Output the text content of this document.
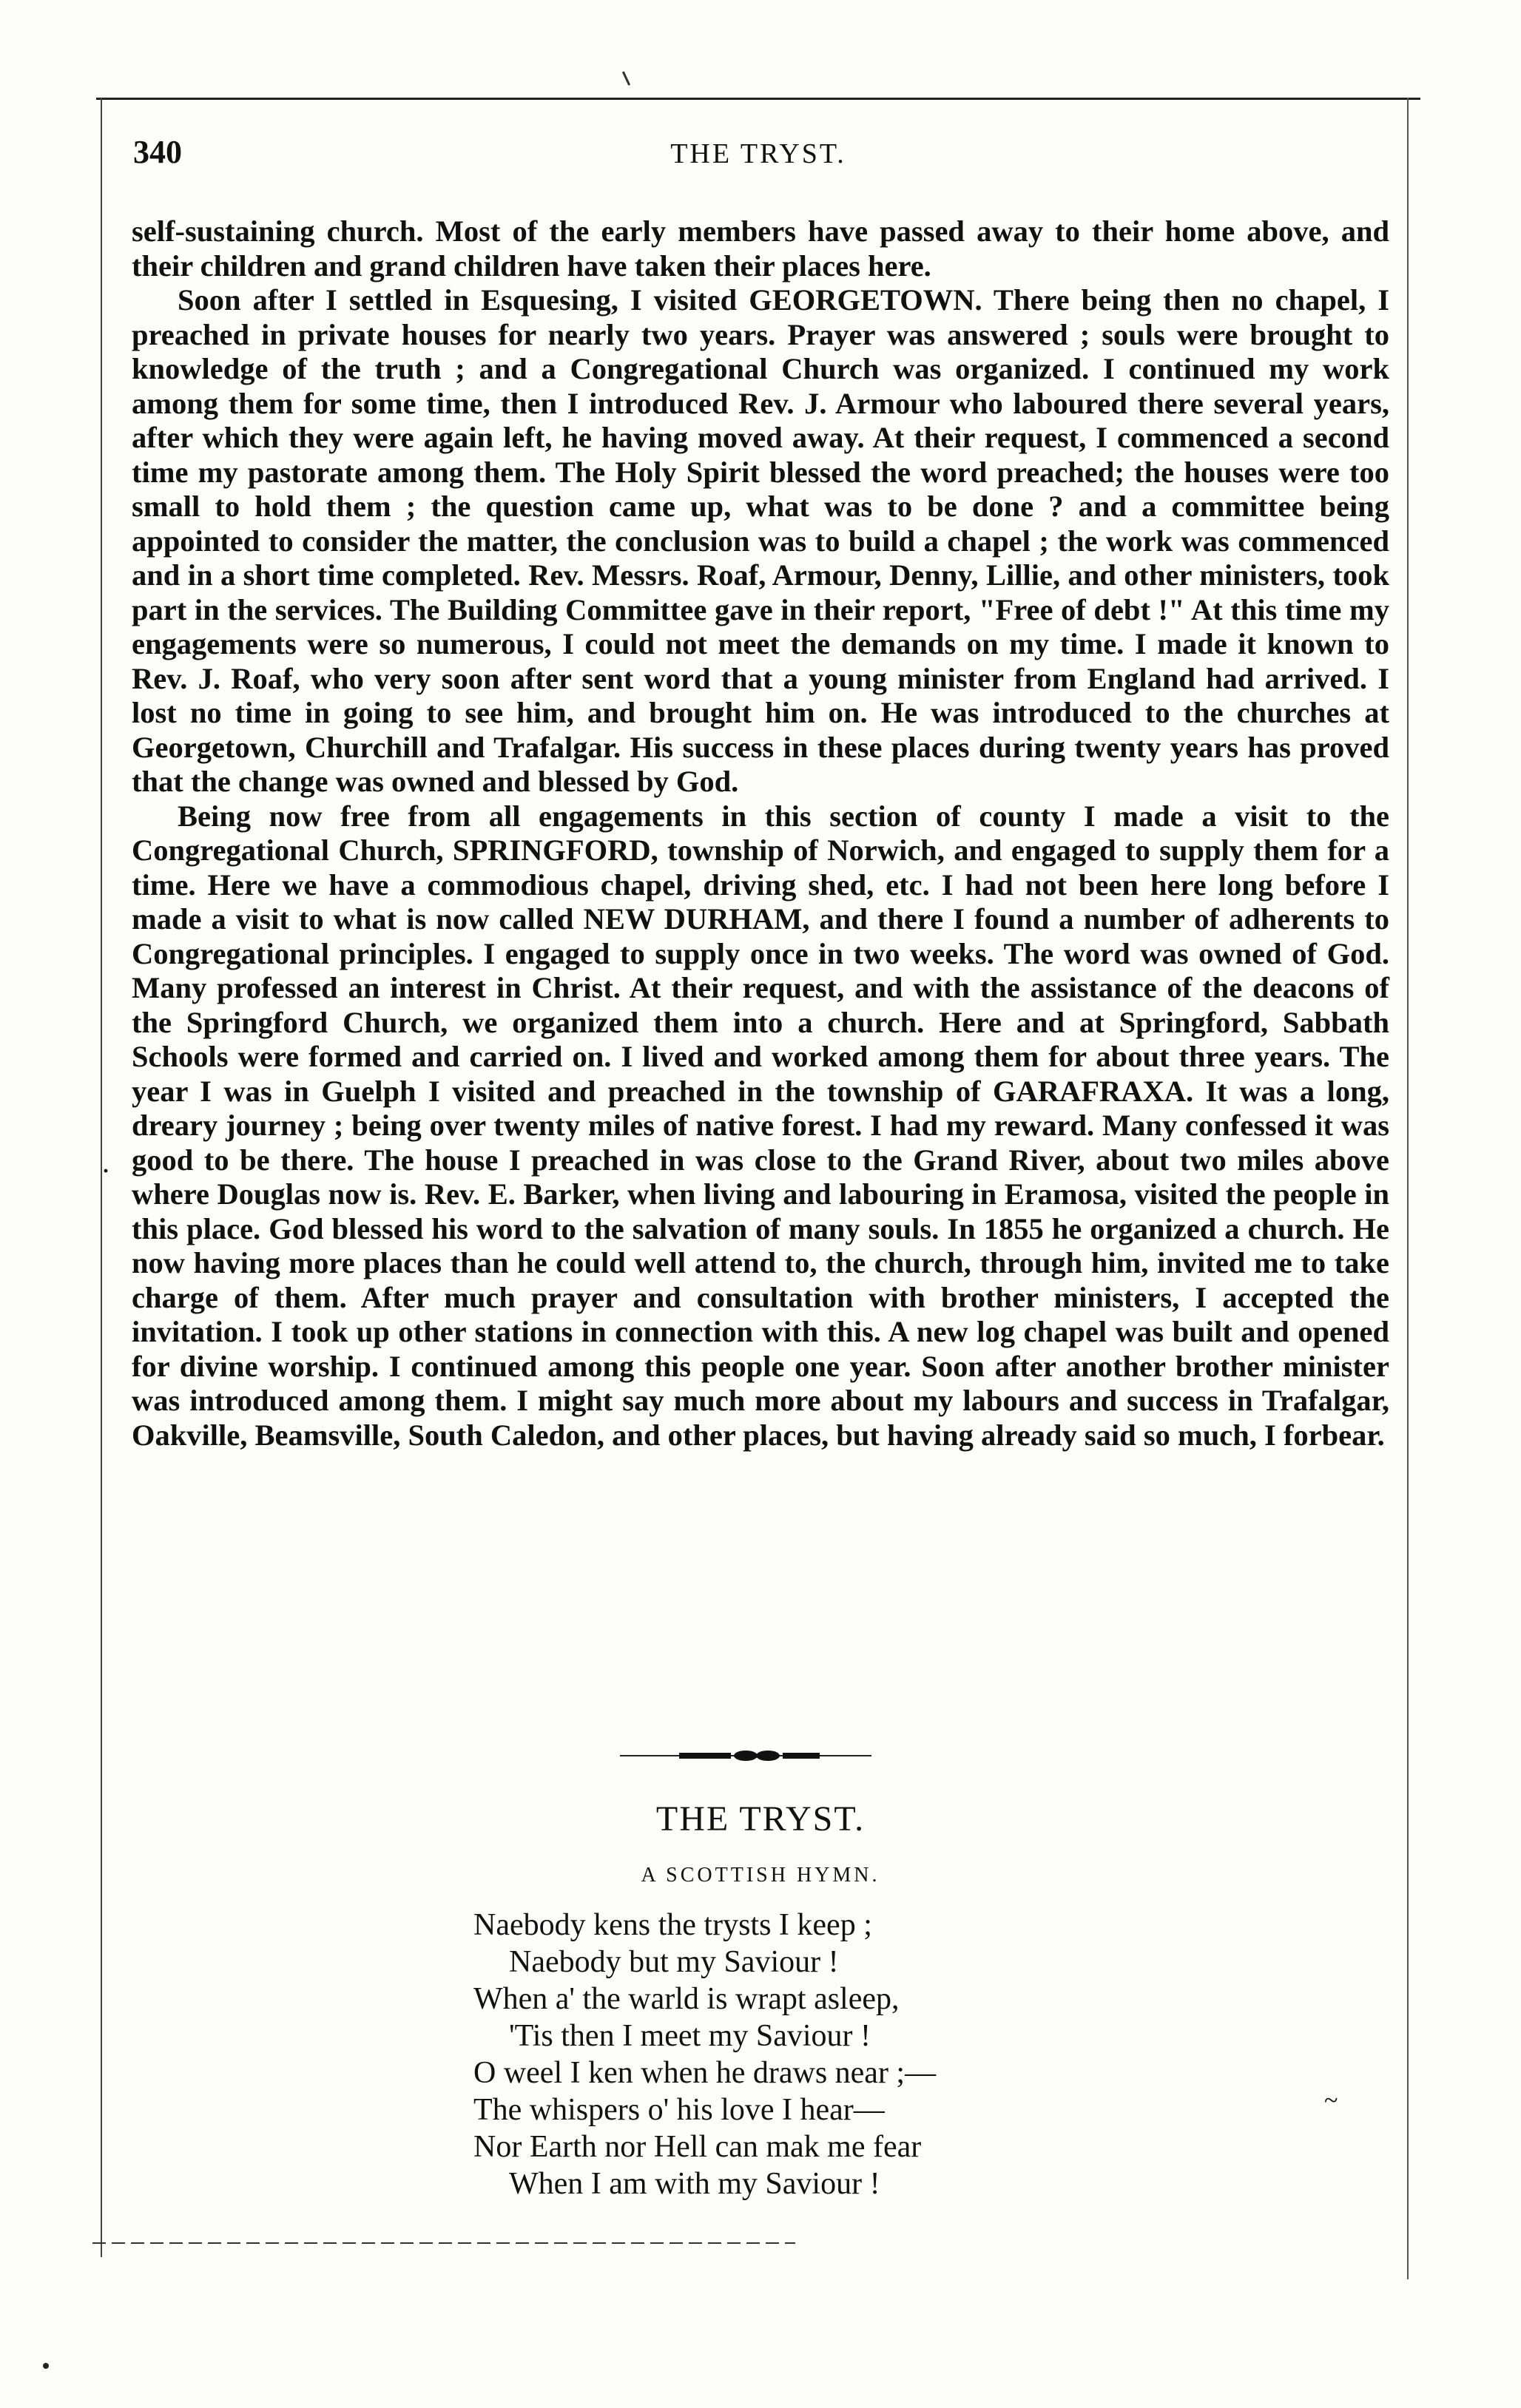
340	THE TRYST.

self-sustaining church. Most of the early members have passed away to their home above, and their children and grand children have taken their places here.

Soon after I settled in Esquesing, I visited GEORGETOWN. There being then no chapel, I preached in private houses for nearly two years. Prayer was answered ; souls were brought to knowledge of the truth ; and a Congregational Church was organized. I continued my work among them for some time, then I introduced Rev. J. Armour who laboured there several years, after which they were again left, he having moved away. At their request, I commenced a second time my pastorate among them. The Holy Spirit blessed the word preached; the houses were too small to hold them ; the question came up, what was to be done ? and a committee being appointed to consider the matter, the conclusion was to build a chapel ; the work was commenced and in a short time completed. Rev. Messrs. Roaf, Armour, Denny, Lillie, and other ministers, took part in the services. The Building Committee gave in their report, "Free of debt !" At this time my engagements were so numerous, I could not meet the demands on my time. I made it known to Rev. J. Roaf, who very soon after sent word that a young minister from England had arrived. I lost no time in going to see him, and brought him on. He was introduced to the churches at Georgetown, Churchill and Trafalgar. His success in these places during twenty years has proved that the change was owned and blessed by God.

Being now free from all engagements in this section of county I made a visit to the Congregational Church, SPRINGFORD, township of Norwich, and engaged to supply them for a time. Here we have a commodious chapel, driving shed, etc. I had not been here long before I made a visit to what is now called NEW DURHAM, and there I found a number of adherents to Congregational principles. I engaged to supply once in two weeks. The word was owned of God. Many professed an interest in Christ. At their request, and with the assistance of the deacons of the Springford Church, we organized them into a church. Here and at Springford, Sabbath Schools were formed and carried on. I lived and worked among them for about three years. The year I was in Guelph I visited and preached in the township of GARAFRAXA. It was a long, dreary journey ; being over twenty miles of native forest. I had my reward. Many confessed it was good to be there. The house I preached in was close to the Grand River, about two miles above where Douglas now is. Rev. E. Barker, when living and labouring in Eramosa, visited the people in this place. God blessed his word to the salvation of many souls. In 1855 he organized a church. He now having more places than he could well attend to, the church, through him, invited me to take charge of them. After much prayer and consultation with brother ministers, I accepted the invitation. I took up other stations in connection with this. A new log chapel was built and opened for divine worship. I continued among this people one year. Soon after another brother minister was introduced among them. I might say much more about my labours and success in Trafalgar, Oakville, Beamsville, South Caledon, and other places, but having already said so much, I forbear.

THE TRYST.
A SCOTTISH HYMN.
Naebody kens the trysts I keep ;
Naebody but my Saviour !
When a' the warld is wrapt asleep,
'Tis then I meet my Saviour !
O weel I ken when he draws near ;—
The whispers o' his love I hear—
Nor Earth nor Hell can mak me fear
When I am with my Saviour !
·
~
